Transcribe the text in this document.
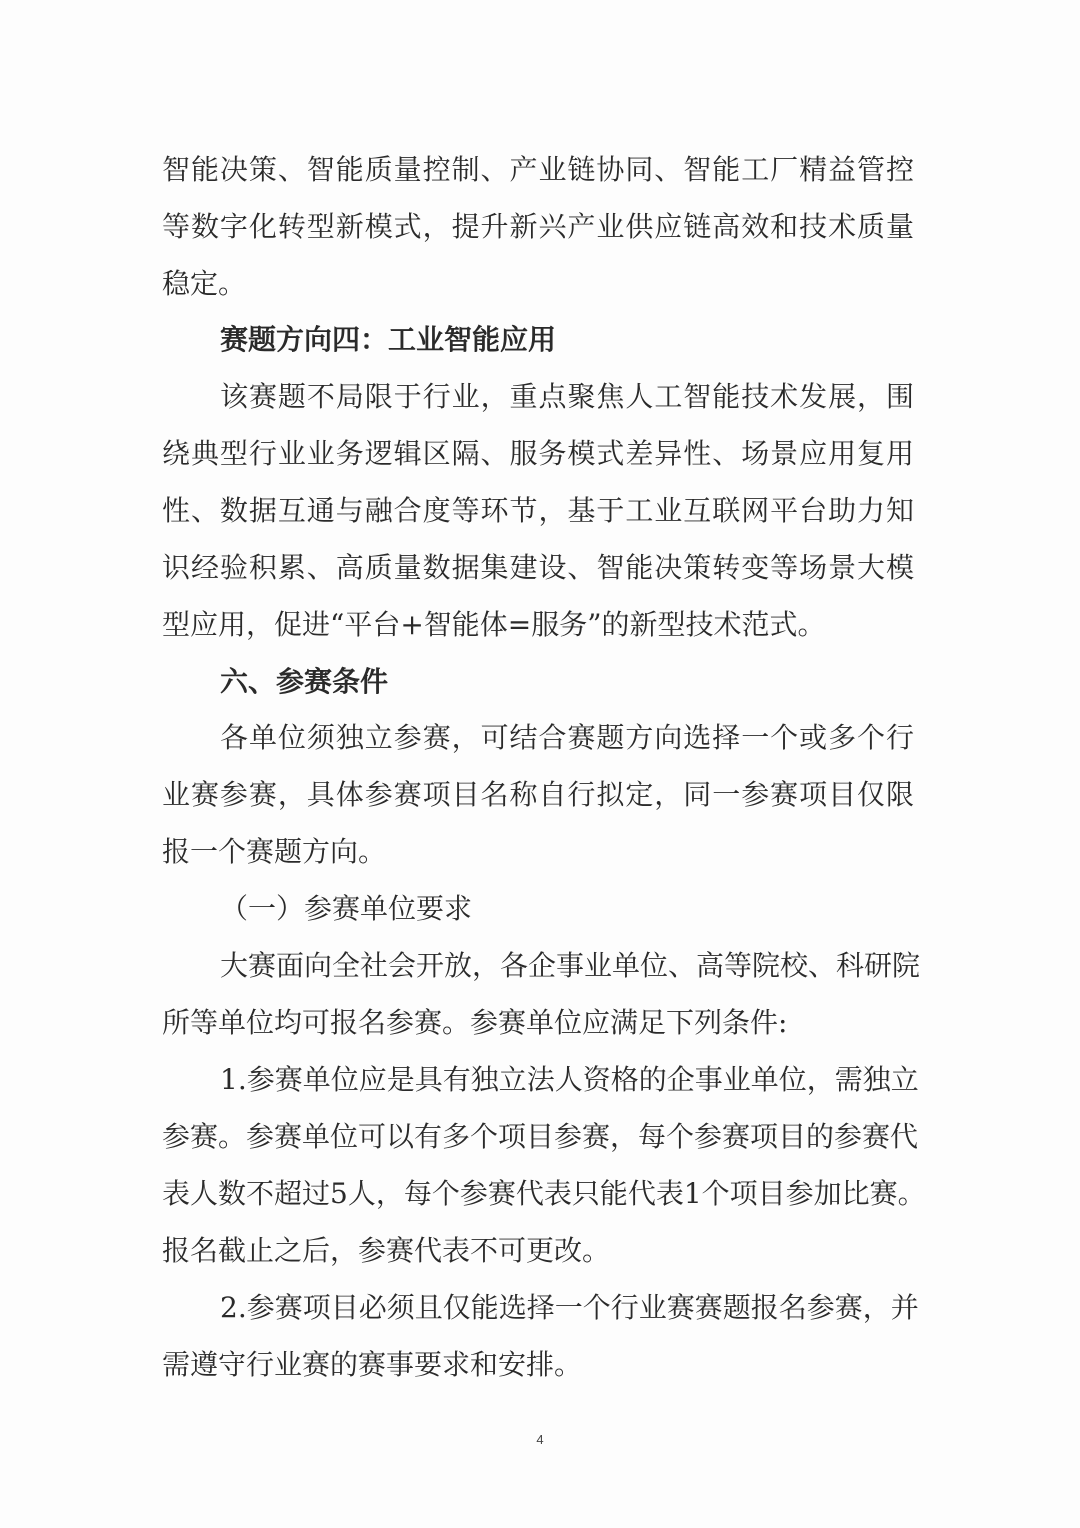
智能决策、智能质量控制、产业链协同、智能工厂精益管控
等数字化转型新模式，提升新兴产业供应链高效和技术质量
稳定。
赛题方向四：工业智能应用
该赛题不局限于行业，重点聚焦人工智能技术发展，围
绕典型行业业务逻辑区隔、服务模式差异性、场景应用复用
性、数据互通与融合度等环节，基于工业互联网平台助力知
识经验积累、高质量数据集建设、智能决策转变等场景大模
型应用，促进“平台+智能体=服务”的新型技术范式。
六、参赛条件
各单位须独立参赛，可结合赛题方向选择一个或多个行
业赛参赛，具体参赛项目名称自行拟定，同一参赛项目仅限
报一个赛题方向。
（一）参赛单位要求
大赛面向全社会开放，各企事业单位、高等院校、科研院
所等单位均可报名参赛。参赛单位应满足下列条件:
1.参赛单位应是具有独立法人资格的企事业单位，需独立
参赛。参赛单位可以有多个项目参赛，每个参赛项目的参赛代
表人数不超过5人，每个参赛代表只能代表1个项目参加比赛。
报名截止之后，参赛代表不可更改。
2.参赛项目必须且仅能选择一个行业赛赛题报名参赛，并
需遵守行业赛的赛事要求和安排。
4
